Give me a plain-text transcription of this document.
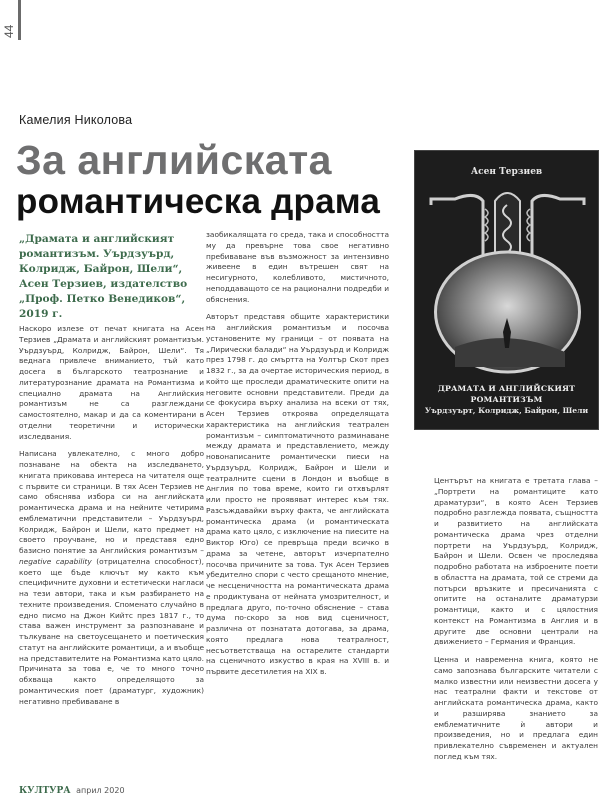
44
Камелия Николова
За английската
романтическа драма
„Драмата и английският романтизъм. Уърдзуърд, Колридж, Байрон, Шели“, Асен Терзиев, издателство „Проф. Петко Венедиков“, 2019 г.

Наскоро излезе от печат книгата на Асен Терзиев „Драмата и английският романтизъм. Уърдзуърд, Колридж, Байрон, Шели“. Тя веднага привлече вниманието, тъй като досега в българското театрознание и литературознание драмата на Романтизма и специално драмата на Английския романтизъм не са разглеждани самостоятелно, макар и да са коментирани в отделни теоретични и исторически изследвания.

Написана увлекателно, с много добро познаване на обекта на изследването, книгата приковава интереса на читателя още с първите си страници. В тях Асен Терзиев не само обяснява избора си на английската романтическа драма и на нейните четирима емблематични представители – Уърдзуърд, Колридж, Байрон и Шели, като предмет на своето проучване, но и представя едно базисно понятие за Английския романтизъм – negative capability (отрицателна способност), което ще бъде ключът му както към специфичните духовни и естетически нагласи на тези автори, така и към разбирането на техните произведения. Споменато случайно в едно писмо на Джон Кийтс през 1817 г., то става важен инструмент за разпознаване и тълкуване на светоусещането и поетическия статут на английските романтици, а и въобще на представителите на Романтизма като цяло. Причината за това е, че то много точно обхваща както определящото за романтическия поет (драматург, художник) негативно пребиваване в

заобикалящата го среда, така и способността му да превърне това свое негативно пребиваване във възможност за интензивно живеене в един вътрешен свят на несигурното, колебливото, мистичното, неподдаващото се на рационални подредби и обяснения.

Авторът представя общите характеристики на английския романтизъм и посочва установените му граници – от появата на „Лирически балади“ на Уърдзуърд и Колридж през 1798 г. до смъртта на Уолтър Скот през 1832 г., за да очертае историческия период, в който ще проследи драматическите опити на неговите основни представители. Преди да се фокусира върху анализа на всеки от тях, Асен Терзиев откроява определящата характеристика на английския театрален романтизъм – симптоматичното разминаване между драмата и представлението, между новонаписаните романтически пиеси на Уърдзуърд, Колридж, Байрон и Шели и театралните сцени в Лондон и въобще в Англия по това време, които ги отхвърлят или просто не проявяват интерес към тях. Разсъждавайки върху факта, че английската романтическа драма (и романтическата драма като цяло, с изключение на пиесите на Виктор Юго) се превръща преди всичко в драма за четене, авторът изчерпателно посочва причините за това. Тук Асен Терзиев убедително спори с често срещаното мнение, че несценичността на романтическата драма е продиктувана от нейната умозрителност, и предлага друго, по-точно обяснение – става дума по-скоро за нов вид сценичност, различна от познатата дотогава, за драма, която предлага нова театралност, несъответстваща на остарелите стандарти на сценичното изкуство в края на XVIII в. и първите десетилетия на XIX в.

Асен Терзиев
ДРАМАТА И АНГЛИЙСКИЯТ
РОМАНТИЗЪМ
Уърдзуърт, Колридж, Байрон, Шели

Центърът на книгата е третата глава – „Портрети на романтиците като драматурзи“, в която Асен Терзиев подробно разглежда появата, същността и развитието на английската романтическа драма чрез отделни портрети на Уърдзуърд, Колридж, Байрон и Шели. Освен че проследява подробно работата на изброените поети в областта на драмата, той се стреми да потърси връзките и пресичанията с опитите на останалите драматурзи романтици, както и с цялостния контекст на Романтизма в Англия и в другите две основни централи на движението – Германия и Франция.

Ценна и навременна книга, която не само запознава българските читатели с малко известни или неизвестни досега у нас театрални факти и текстове от английската романтическа драма, както и разширява знанието за емблематичните ѝ автори и произведения, но и предлага един привлекателно съвременен и актуален поглед към тях.

КУЛТУРА април 2020
